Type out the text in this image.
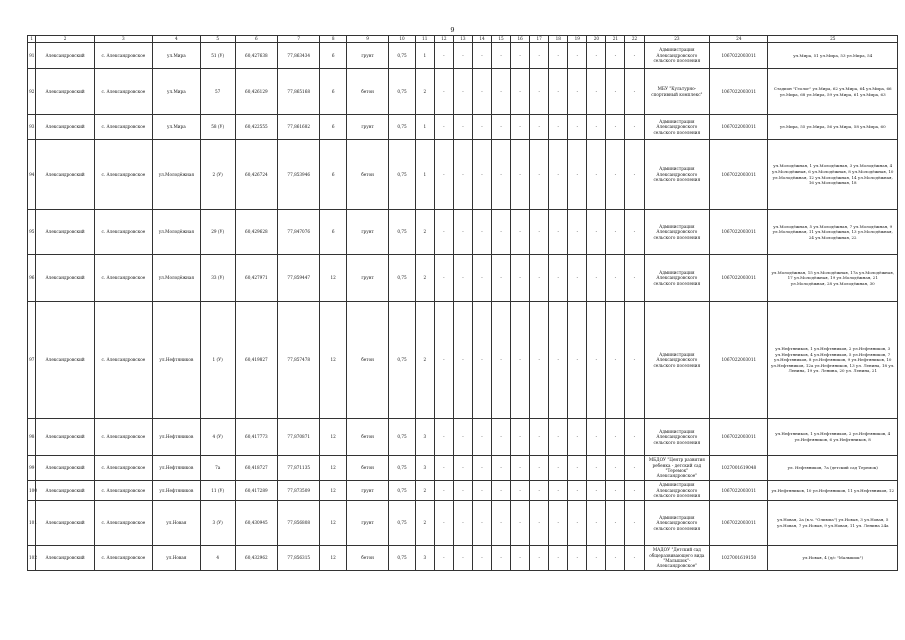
9
1	2	3	4	5	6	7	8	9	10	11	12	13	14	15	16	17	18	19	20	21	22	23	24	25
91	Александровский	с. Александровское	ул.Мира	51 (У)	60,427638	77,863434	6	грунт	0,75	1	-	-	-	-	-	-	-	-	-	-	-	Администрация Александровского сельского поселения	1067022003011	ул.Мира, 51 ул.Мира, 53 ул.Мира, 54
92	Александровский	с. Александровское	ул.Мира	57	60,426129	77,865168	6	бетон	0,75	2	-	-	-	-	-	-	-	-	-	-	-	МБУ "Культурно-спортивный комплекс"	1067022003011	Стадион "Геолог" ул.Мира, 62 ул.Мира, 64 ул.Мира, 66 ул.Мира, 68 ул.Мира, 59 ул.Мира, 61 ул.Мира, 63
93	Александровский	с. Александровское	ул.Мира	58 (У)	60,422555	77,861682	6	грунт	0,75	1	-	-	-	-	-	-	-	-	-	-	-	Администрация Александровского сельского поселения	1067022003011	ул.Мира, 55 ул.Мира, 56 ул.Мира, 58 ул.Мира, 60
94	Александровский	с. Александровское	ул.Молодёжная	2 (У)	60,426724	77,853946	6	бетон	0,75	1	-	-	-	-	-	-	-	-	-	-	-	Администрация Александровского сельского поселения	1067022003011	ул.Молодёжная, 1 ул.Молодёжная, 3 ул.Молодёжная, 4 ул.Молодёжная, 6 ул.Молодёжная, 8 ул.Молодёжная, 10 ул.Молодёжная, 12 ул.Молодёжная, 14 ул.Молодёжная, 16 ул.Молодёжная, 18
95	Александровский	с. Александровское	ул.Молодёжная	29 (У)	60,429628	77,847076	6	грунт	0,75	2	-	-	-	-	-	-	-	-	-	-	-	Администрация Александровского сельского поселения	1067022003011	ул.Молодёжная, 5 ул.Молодёжная, 7 ул.Молодёжная, 9 ул.Молодёжная, 11 ул.Молодёжная, 13 ул.Молодёжная, 24 ул.Молодёжная, 22
96	Александровский	с. Александровское	ул.Молодёжная	33 (У)	60,427971	77,859447	12	грунт	0,75	2	-	-	-	-	-	-	-	-	-	-	-	Администрация Александровского сельского поселения	1067022003011	ул.Молодёжная, 15 ул.Молодёжная, 17а ул.Молодёжная, 17 ул.Молодёжная, 19 ул.Молодёжная, 21 ул.Молодёжная, 28 ул.Молодёжная, 30
97	Александровский	с. Александровское	ул.Нефтяников	1 (У)	60,419827	77,857478	12	бетон	0,75	2	-	-	-	-	-	-	-	-	-	-	-	Администрация Александровского сельского поселения	1067022003011	ул.Нефтяников, 1 ул.Нефтяников, 2 ул.Нефтяников, 3 ул.Нефтяников, 4 ул.Нефтяников, 5 ул.Нефтяников, 7 ул.Нефтяников, 8 ул.Нефтяников, 9 ул.Нефтяников, 10 ул.Нефтяников, 12а ул.Нефтяников, 13 ул. Ленина, 18 ул. Ленина, 19 ул. Ленина, 20 ул. Ленина, 21
98	Александровский	с. Александровское	ул.Нефтяников	4 (У)	60,417773	77,870871	12	бетон	0,75	3	-	-	-	-	-	-	-	-	-	-	-	Администрация Александровского сельского поселения	1067022003011	ул.Нефтяников, 1 ул.Нефтяников, 2 ул.Нефтяников, 4 ул.Нефтяников, 6 ул.Нефтяников, 8
99	Александровский	с. Александровское	ул.Нефтяников	7а	60,418727	77,871135	12	бетон	0,75	3	-	-	-	-	-	-	-	-	-	-	-	МБДОУ "Центр развития ребенка - детский сад "Теремок" Александровское"	1027001619048	ул. Нефтяников, 7а (детский сад Теремок)
100	Александровский	с. Александровское	ул.Нефтяников	11 (У)	60,417289	77,873509	12	грунт	0,75	2	-	-	-	-	-	-	-	-	-	-	-	Администрация Александровского сельского поселения	1067022003011	ул.Нефтяников, 10 ул.Нефтяников, 11 ул.Нефтяников, 12
101	Александровский	с. Александровское	ул.Новая	3 (У)	60,430945	77,856808	12	грунт	0,75	2	-	-	-	-	-	-	-	-	-	-	-	Администрация Александровского сельского поселения	1067022003011	ул.Новая, 2а (в.ч. "Олимпа") ул.Новая, 3 ул.Новая, 5 ул.Новая, 7 ул.Новая, 9 ул.Новая, 11 ул. Ленина 24а
102	Александровский	с. Александровское	ул.Новая	4	60,432962	77,856315	12	бетон	0,75	3	-	-	-	-	-	-	-	-	-	-	-	МАДОУ "Детский сад общеразвивающего вида "Малышок"-Александровское"	1027001619150	ул.Новая, 4 (д/с "Малышок")
